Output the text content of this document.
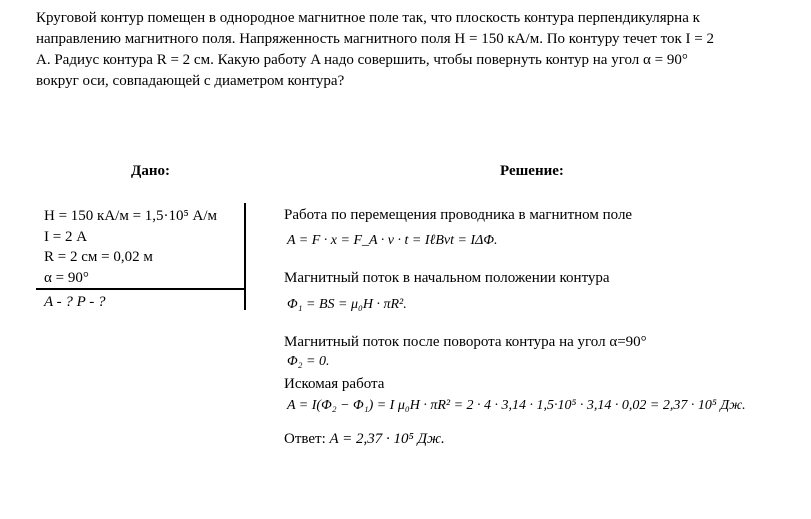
Круговой контур помещен в однородное магнитное поле так, что плоскость контура перпендикулярна к
направлению магнитного поля. Напряженность магнитного поля H = 150 кА/м. По контуру течет ток I = 2
А. Радиус контура R = 2 см. Какую работу A надо совершить, чтобы повернуть контур на угол α = 90°
вокруг оси, совпадающей с диаметром контура?
Дано:	Решение:
H = 150 кА/м = 1,5·10⁵ А/м
I = 2 А
R = 2 см = 0,02 м
α = 90°
A - ? P - ?
Работа по перемещения проводника в магнитном поле
A = F · x = F_A · v · t = IℓBvt = IΔΦ.
Магнитный поток в начальном положении контура
Φ₁ = BS = μ₀H · πR².
Магнитный поток после поворота контура на угол α=90°
Φ₂ = 0.
Искомая работа
A = I(Φ₂ − Φ₁) = I μ₀H · πR² = 2 · 4 · 3,14 · 1,5·10⁵ · 3,14 · 0,02 = 2,37 · 10⁵ Дж.
Ответ: A = 2,37 · 10⁵ Дж.
